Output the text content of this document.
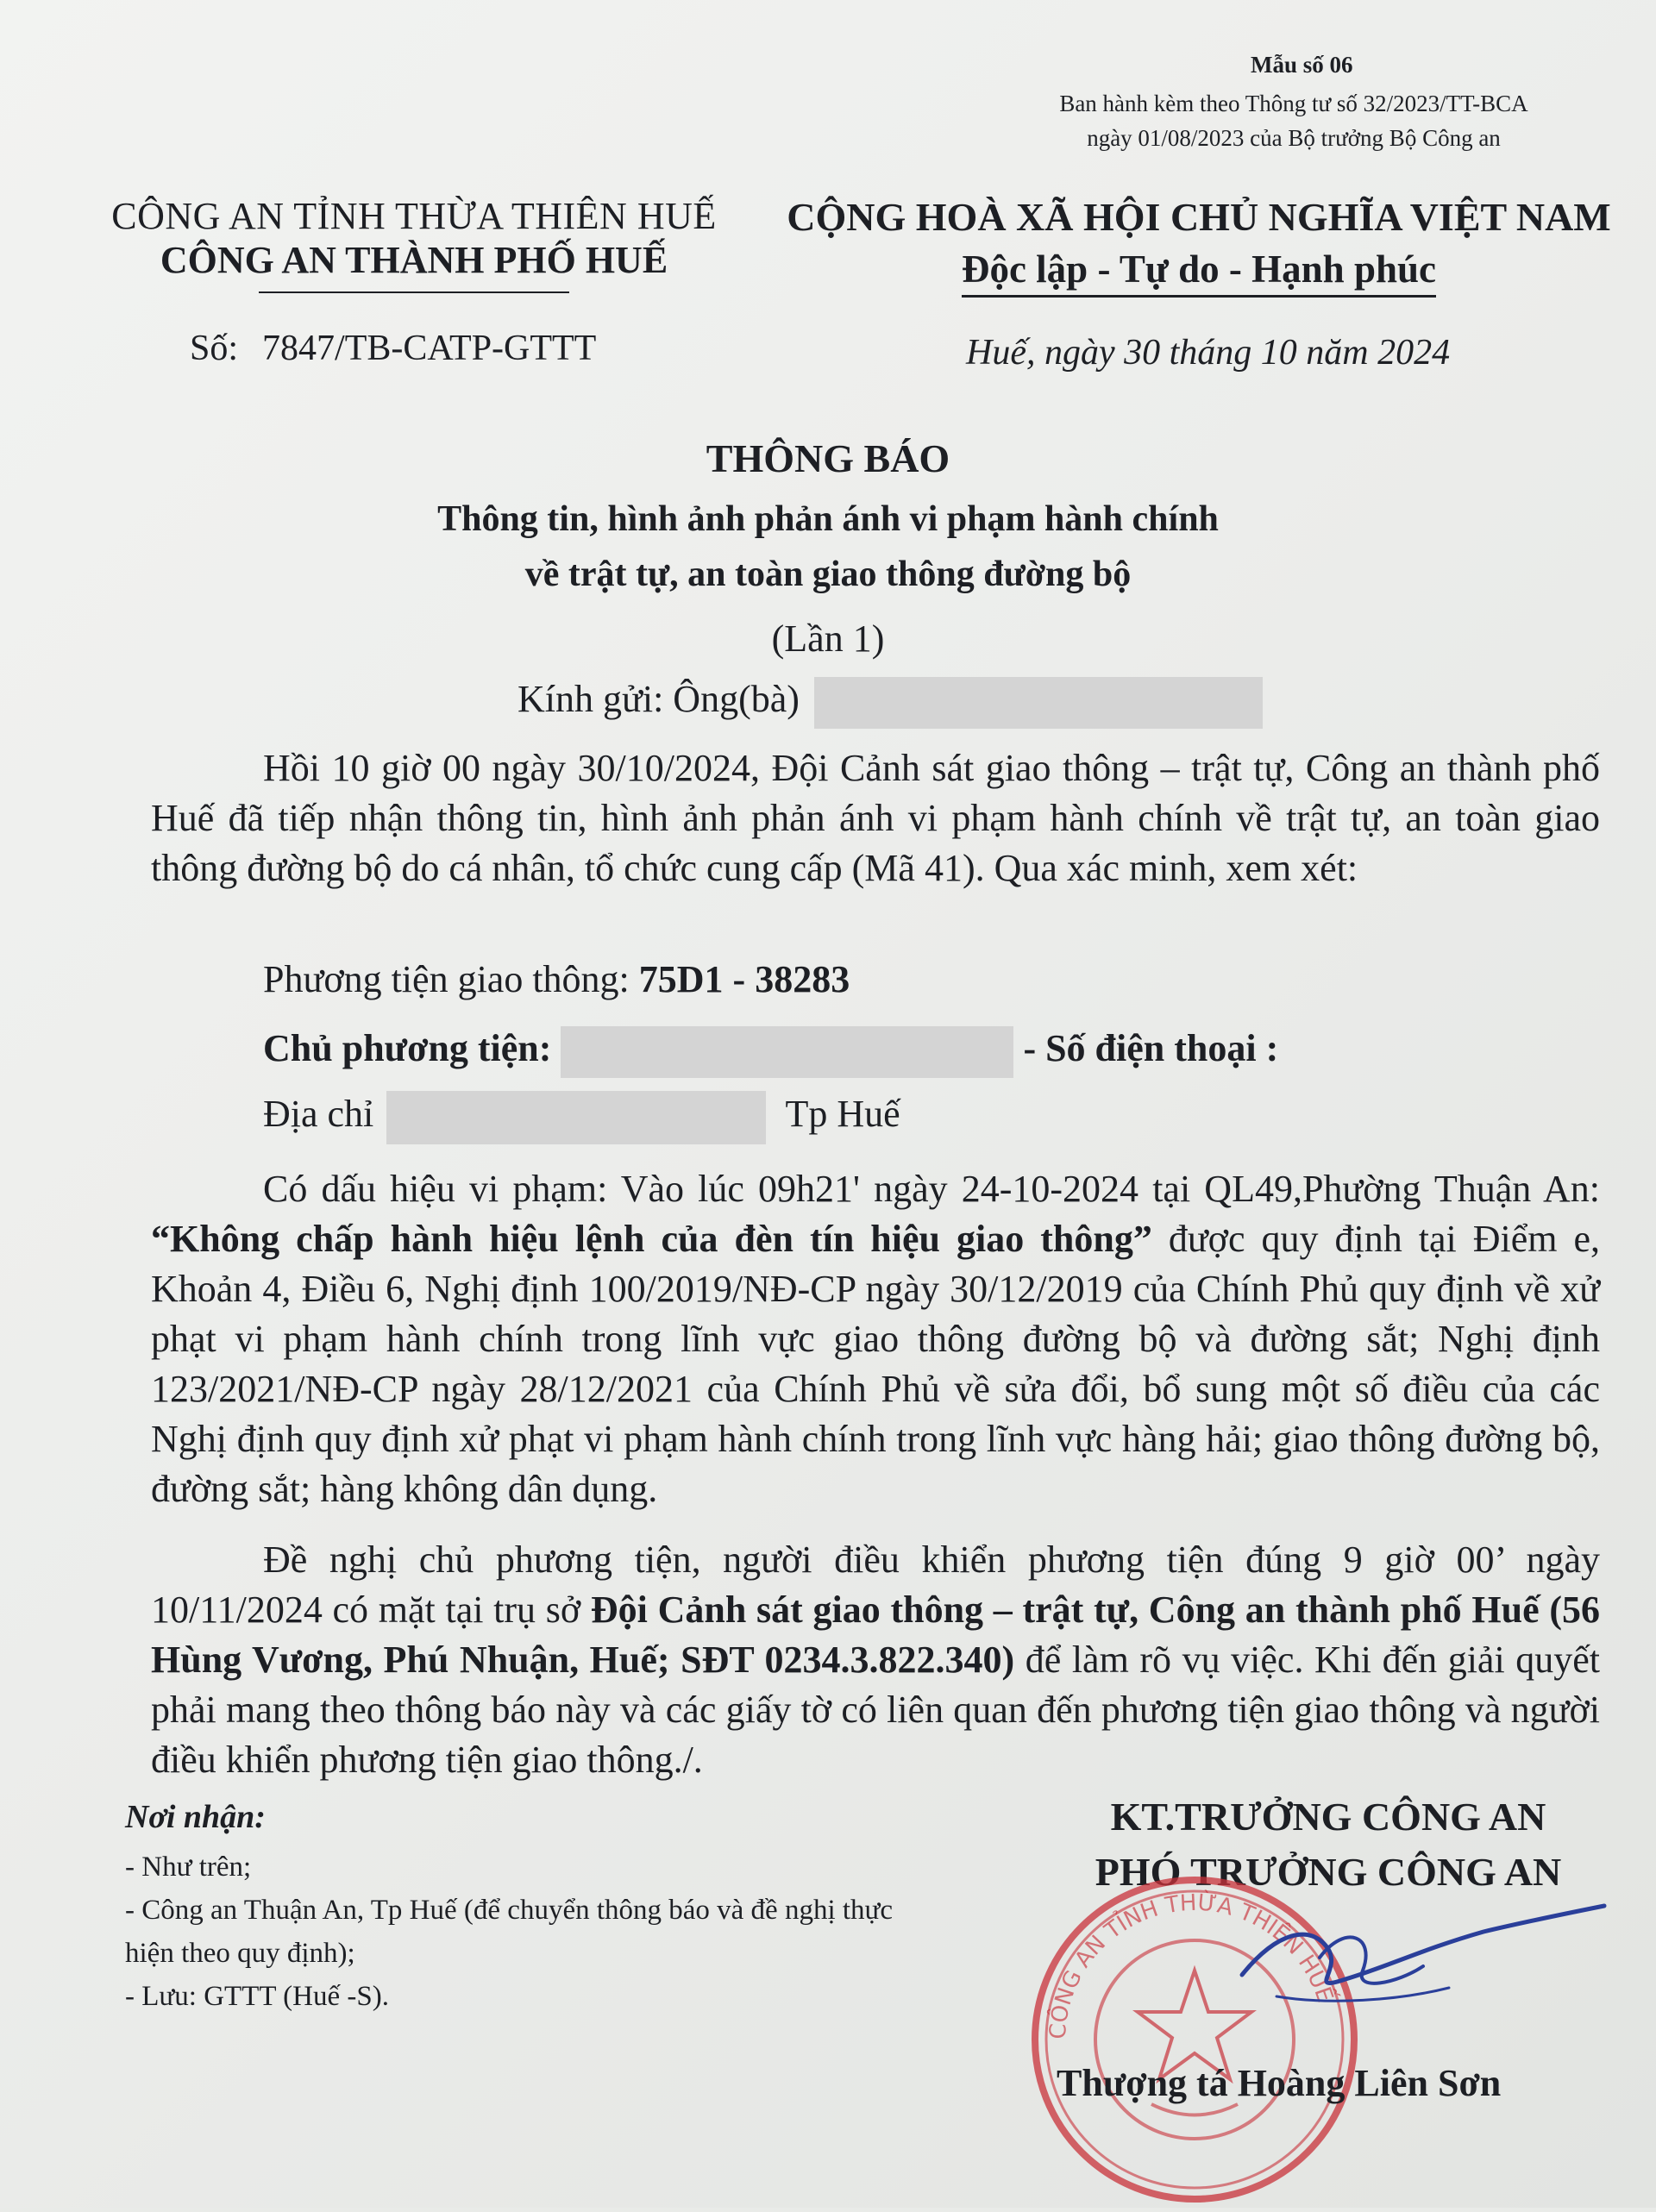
Mẫu số 06
Ban hành kèm theo Thông tư số 32/2023/TT-BCA
ngày 01/08/2023 của Bộ trưởng Bộ Công an
CÔNG AN TỈNH THỪA THIÊN HUẾ
CÔNG AN THÀNH PHỐ HUẾ

CỘNG HOÀ XÃ HỘI CHỦ NGHĨA VIỆT NAM
Độc lập - Tự do - Hạnh phúc
Số: 7847/TB-CATP-GTTT	Huế, ngày 30 tháng 10 năm 2024
THÔNG BÁO
Thông tin, hình ảnh phản ánh vi phạm hành chính
về trật tự, an toàn giao thông đường bộ
(Lần 1)
Kính gửi: Ông(bà)
Hồi 10 giờ 00 ngày 30/10/2024, Đội Cảnh sát giao thông – trật tự, Công an thành phố Huế đã tiếp nhận thông tin, hình ảnh phản ánh vi phạm hành chính về trật tự, an toàn giao thông đường bộ do cá nhân, tổ chức cung cấp (Mã 41). Qua xác minh, xem xét:
Phương tiện giao thông: 75D1 - 38283
Chủ phương tiện:	- Số điện thoại :
Địa chỉ	Tp Huế
Có dấu hiệu vi phạm: Vào lúc 09h21' ngày 24-10-2024 tại QL49,Phường Thuận An: “Không chấp hành hiệu lệnh của đèn tín hiệu giao thông” được quy định tại Điểm e, Khoản 4, Điều 6, Nghị định 100/2019/NĐ-CP ngày 30/12/2019 của Chính Phủ quy định về xử phạt vi phạm hành chính trong lĩnh vực giao thông đường bộ và đường sắt; Nghị định 123/2021/NĐ-CP ngày 28/12/2021 của Chính Phủ về sửa đổi, bổ sung một số điều của các Nghị định quy định xử phạt vi phạm hành chính trong lĩnh vực hàng hải; giao thông đường bộ, đường sắt; hàng không dân dụng.
Đề nghị chủ phương tiện, người điều khiển phương tiện đúng 9 giờ 00’ ngày 10/11/2024 có mặt tại trụ sở Đội Cảnh sát giao thông – trật tự, Công an thành phố Huế (56 Hùng Vương, Phú Nhuận, Huế; SĐT 0234.3.822.340) để làm rõ vụ việc. Khi đến giải quyết phải mang theo thông báo này và các giấy tờ có liên quan đến phương tiện giao thông và người điều khiển phương tiện giao thông./.
Nơi nhận:
- Như trên;
- Công an Thuận An, Tp Huế (để chuyển thông báo và đề nghị thực hiện theo quy định);
- Lưu: GTTT (Huế -S).
KT.TRƯỞNG CÔNG AN
PHÓ TRƯỞNG CÔNG AN
CÔNG AN TỈNH THỪA THIÊN HUẾ
Thượng tá Hoàng Liên Sơn
